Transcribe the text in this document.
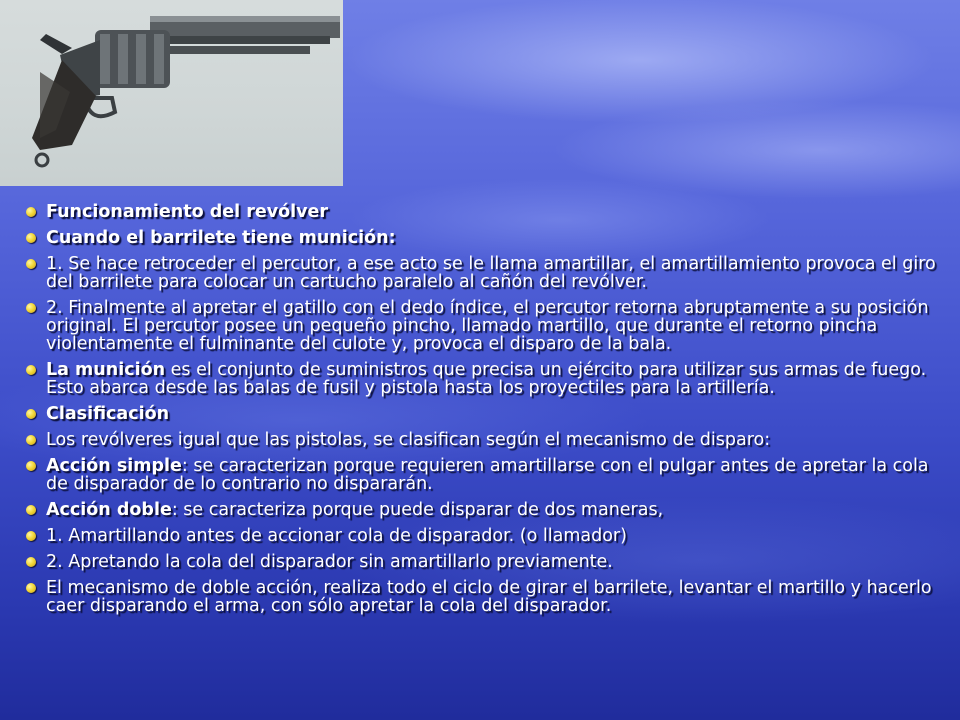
Funcionamiento del revólver
Cuando el barrilete tiene munición:
1. Se hace retroceder el percutor, a ese acto se le llama amartillar, el amartillamiento provoca el giro del barrilete para colocar un cartucho paralelo al cañón del revólver.
2. Finalmente al apretar el gatillo con el dedo índice, el percutor retorna abruptamente a su posición original. El percutor posee un pequeño pincho, llamado martillo, que durante el retorno pincha violentamente el fulminante del culote y, provoca el disparo de la bala.
La munición es el conjunto de suministros que precisa un ejército para utilizar sus armas de fuego. Esto abarca desde las balas de fusil y pistola hasta los proyectiles para la artillería.
Clasificación
Los revólveres igual que las pistolas, se clasifican según el mecanismo de disparo:
Acción simple: se caracterizan porque requieren amartillarse con el pulgar antes de apretar la cola de disparador de lo contrario no dispararán.
Acción doble: se caracteriza porque puede disparar de dos maneras,
1. Amartillando antes de accionar cola de disparador. (o llamador)
2. Apretando la cola del disparador sin amartillarlo previamente.
El mecanismo de doble acción, realiza todo el ciclo de girar el barrilete, levantar el martillo y hacerlo caer disparando el arma, con sólo apretar la cola del disparador.
